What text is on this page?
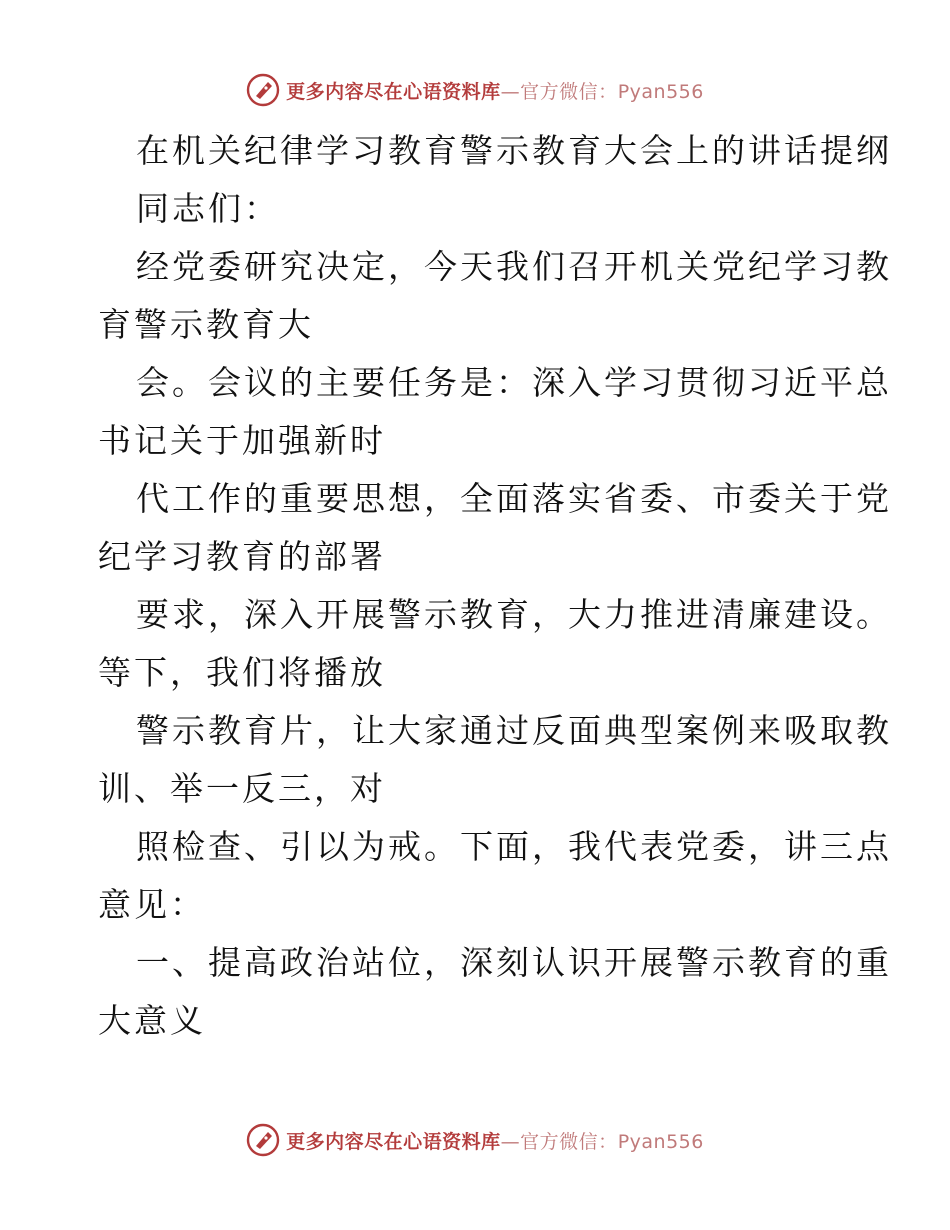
更多内容尽在心语资料库—官方微信：Pyan556
在机关纪律学习教育警示教育大会上的讲话提纲
同志们：
经党委研究决定，今天我们召开机关党纪学习教
育警示教育大
会。会议的主要任务是：深入学习贯彻习近平总
书记关于加强新时
代工作的重要思想，全面落实省委、市委关于党
纪学习教育的部署
要求，深入开展警示教育，大力推进清廉建设。
等下，我们将播放
警示教育片，让大家通过反面典型案例来吸取教
训、举一反三，对
照检查、引以为戒。下面，我代表党委，讲三点
意见：
一、提高政治站位，深刻认识开展警示教育的重
大意义
更多内容尽在心语资料库—官方微信：Pyan556
